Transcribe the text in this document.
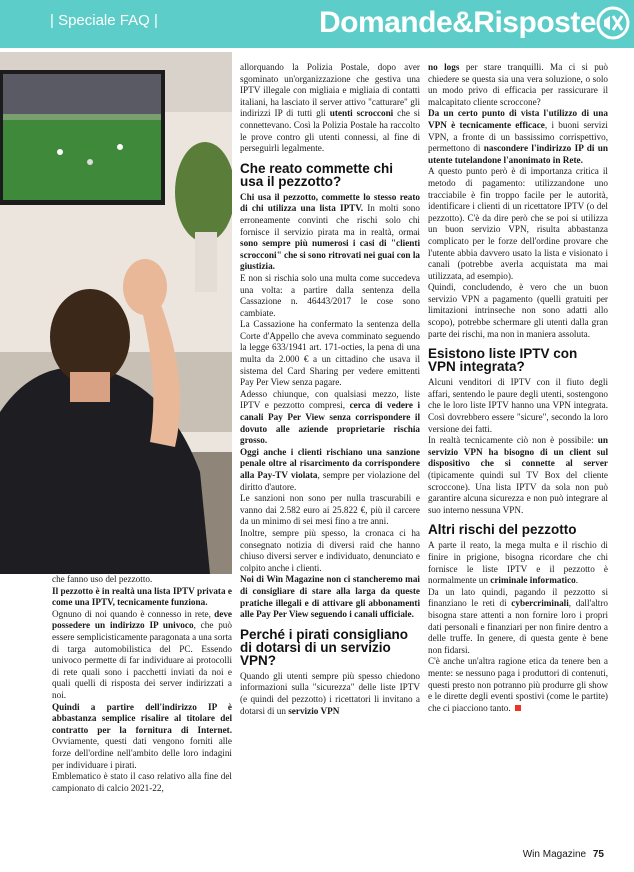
| Speciale FAQ |	Domande&Risposte

che fanno uso del pezzotto.

Il pezzotto è in realtà una lista IPTV privata e come una IPTV, tecnicamente funziona.

Ognuno di noi quando è connesso in rete, deve possedere un indirizzo IP univoco, che può essere semplicisticamente paragonata a una sorta di targa automobilistica del PC. Essendo univoco permette di far individuare ai protocolli di rete quali sono i pacchetti inviati da noi e quali quelli di risposta dei server indirizzati a noi.

Quindi a partire dell'indirizzo IP è abbastanza semplice risalire al titolare del contratto per la fornitura di Internet. Ovviamente, questi dati vengono forniti alle forze dell'ordine nell'ambito delle loro indagini per individuare i pirati.

Emblematico è stato il caso relativo alla fine del campionato di calcio 2021-22,

allorquando la Polizia Postale, dopo aver sgominato un'organizzazione che gestiva una IPTV illegale con migliaia e migliaia di contatti italiani, ha lasciato il server attivo "catturare" gli indirizzi IP di tutti gli utenti scrocconi che si connettevano. Così la Polizia Postale ha raccolto le prove contro gli utenti connessi, al fine di perseguirli legalmente.

Che reato commette chi usa il pezzotto?

Chi usa il pezzotto, commette lo stesso reato di chi utilizza una lista IPTV. In molti sono erroneamente convinti che rischi solo chi fornisce il servizio pirata ma in realtà, ormai sono sempre più numerosi i casi di "clienti scrocconi" che si sono ritrovati nei guai con la giustizia.

E non si rischia solo una multa come succedeva una volta: a partire dalla sentenza della Cassazione n. 46443/2017 le cose sono cambiate.

La Cassazione ha confermato la sentenza della Corte d'Appello che aveva comminato seguendo la legge 633/1941 art. 171-octies, la pena di una multa da 2.000 € a un cittadino che usava il sistema del Card Sharing per vedere emittenti Pay Per View senza pagare.

Adesso chiunque, con qualsiasi mezzo, liste IPTV e pezzotto compresi, cerca di vedere i canali Pay Per View senza corrispondere il dovuto alle aziende proprietarie rischia grosso.

Oggi anche i clienti rischiano una sanzione penale oltre al risarcimento da corrispondere alla Pay-TV violata, sempre per violazione del diritto d'autore.

Le sanzioni non sono per nulla trascurabili e vanno dai 2.582 euro ai 25.822 €, più il carcere da un minimo di sei mesi fino a tre anni.

Inoltre, sempre più spesso, la cronaca ci ha consegnato notizia di diversi raid che hanno chiuso diversi server e individuato, denunciato e colpito anche i clienti.

Noi di Win Magazine non ci stancheremo mai di consigliare di stare alla larga da queste pratiche illegali e di attivare gli abbonamenti alle Pay Per View seguendo i canali ufficiale.

Perché i pirati consigliano di dotarsi di un servizio VPN?

Quando gli utenti sempre più spesso chiedono informazioni sulla "sicurezza" delle liste IPTV (e quindi del pezzotto) i ricettatori li invitano a dotarsi di un servizio VPN

no logs per stare tranquilli. Ma ci si può chiedere se questa sia una vera soluzione, o solo un modo privo di efficacia per rassicurare il malcapitato cliente scroccone?

Da un certo punto di vista l'utilizzo di una VPN è tecnicamente efficace, i buoni servizi VPN, a fronte di un bassissimo corrispettivo, permettono di nascondere l'indirizzo IP di un utente tutelandone l'anonimato in Rete.

A questo punto però è di importanza critica il metodo di pagamento: utilizzandone uno tracciabile è fin troppo facile per le autorità, identificare i clienti di un ricettatore IPTV (o del pezzotto). C'è da dire però che se poi si utilizza un buon servizio VPN, risulta abbastanza complicato per le forze dell'ordine provare che l'utente abbia davvero usato la lista e visionato i canali (potrebbe averla acquistata ma mai utilizzata, ad esempio).

Quindi, concludendo, è vero che un buon servizio VPN a pagamento (quelli gratuiti per limitazioni intrinseche non sono adatti allo scopo), potrebbe schermare gli utenti dalla gran parte dei rischi, ma non in maniera assoluta.

Esistono liste IPTV con VPN integrata?

Alcuni venditori di IPTV con il fiuto degli affari, sentendo le paure degli utenti, sostengono che le loro liste IPTV hanno una VPN integrata. Così dovrebbero essere "sicure", secondo la loro versione dei fatti.

In realtà tecnicamente ciò non è possibile: un servizio VPN ha bisogno di un client sul dispositivo che si connette al server (tipicamente quindi sul TV Box del cliente scroccone). Una lista IPTV da sola non può garantire alcuna sicurezza e non può integrare al suo interno nessuna VPN.

Altri rischi del pezzotto

A parte il reato, la mega multa e il rischio di finire in prigione, bisogna ricordare che chi fornisce le liste IPTV e il pezzotto è normalmente un criminale informatico.

Da un lato quindi, pagando il pezzotto si finanziano le reti di cybercriminali, dall'altro bisogna stare attenti a non fornire loro i propri dati personali e finanziari per non finire dentro a delle truffe. In genere, di questa gente è bene non fidarsi.

C'è anche un'altra ragione etica da tenere ben a mente: se nessuno paga i produttori di contenuti, questi presto non potranno più produrre gli show e le dirette degli eventi spostivi (come le partite) che ci piacciono tanto.

Win Magazine 75
